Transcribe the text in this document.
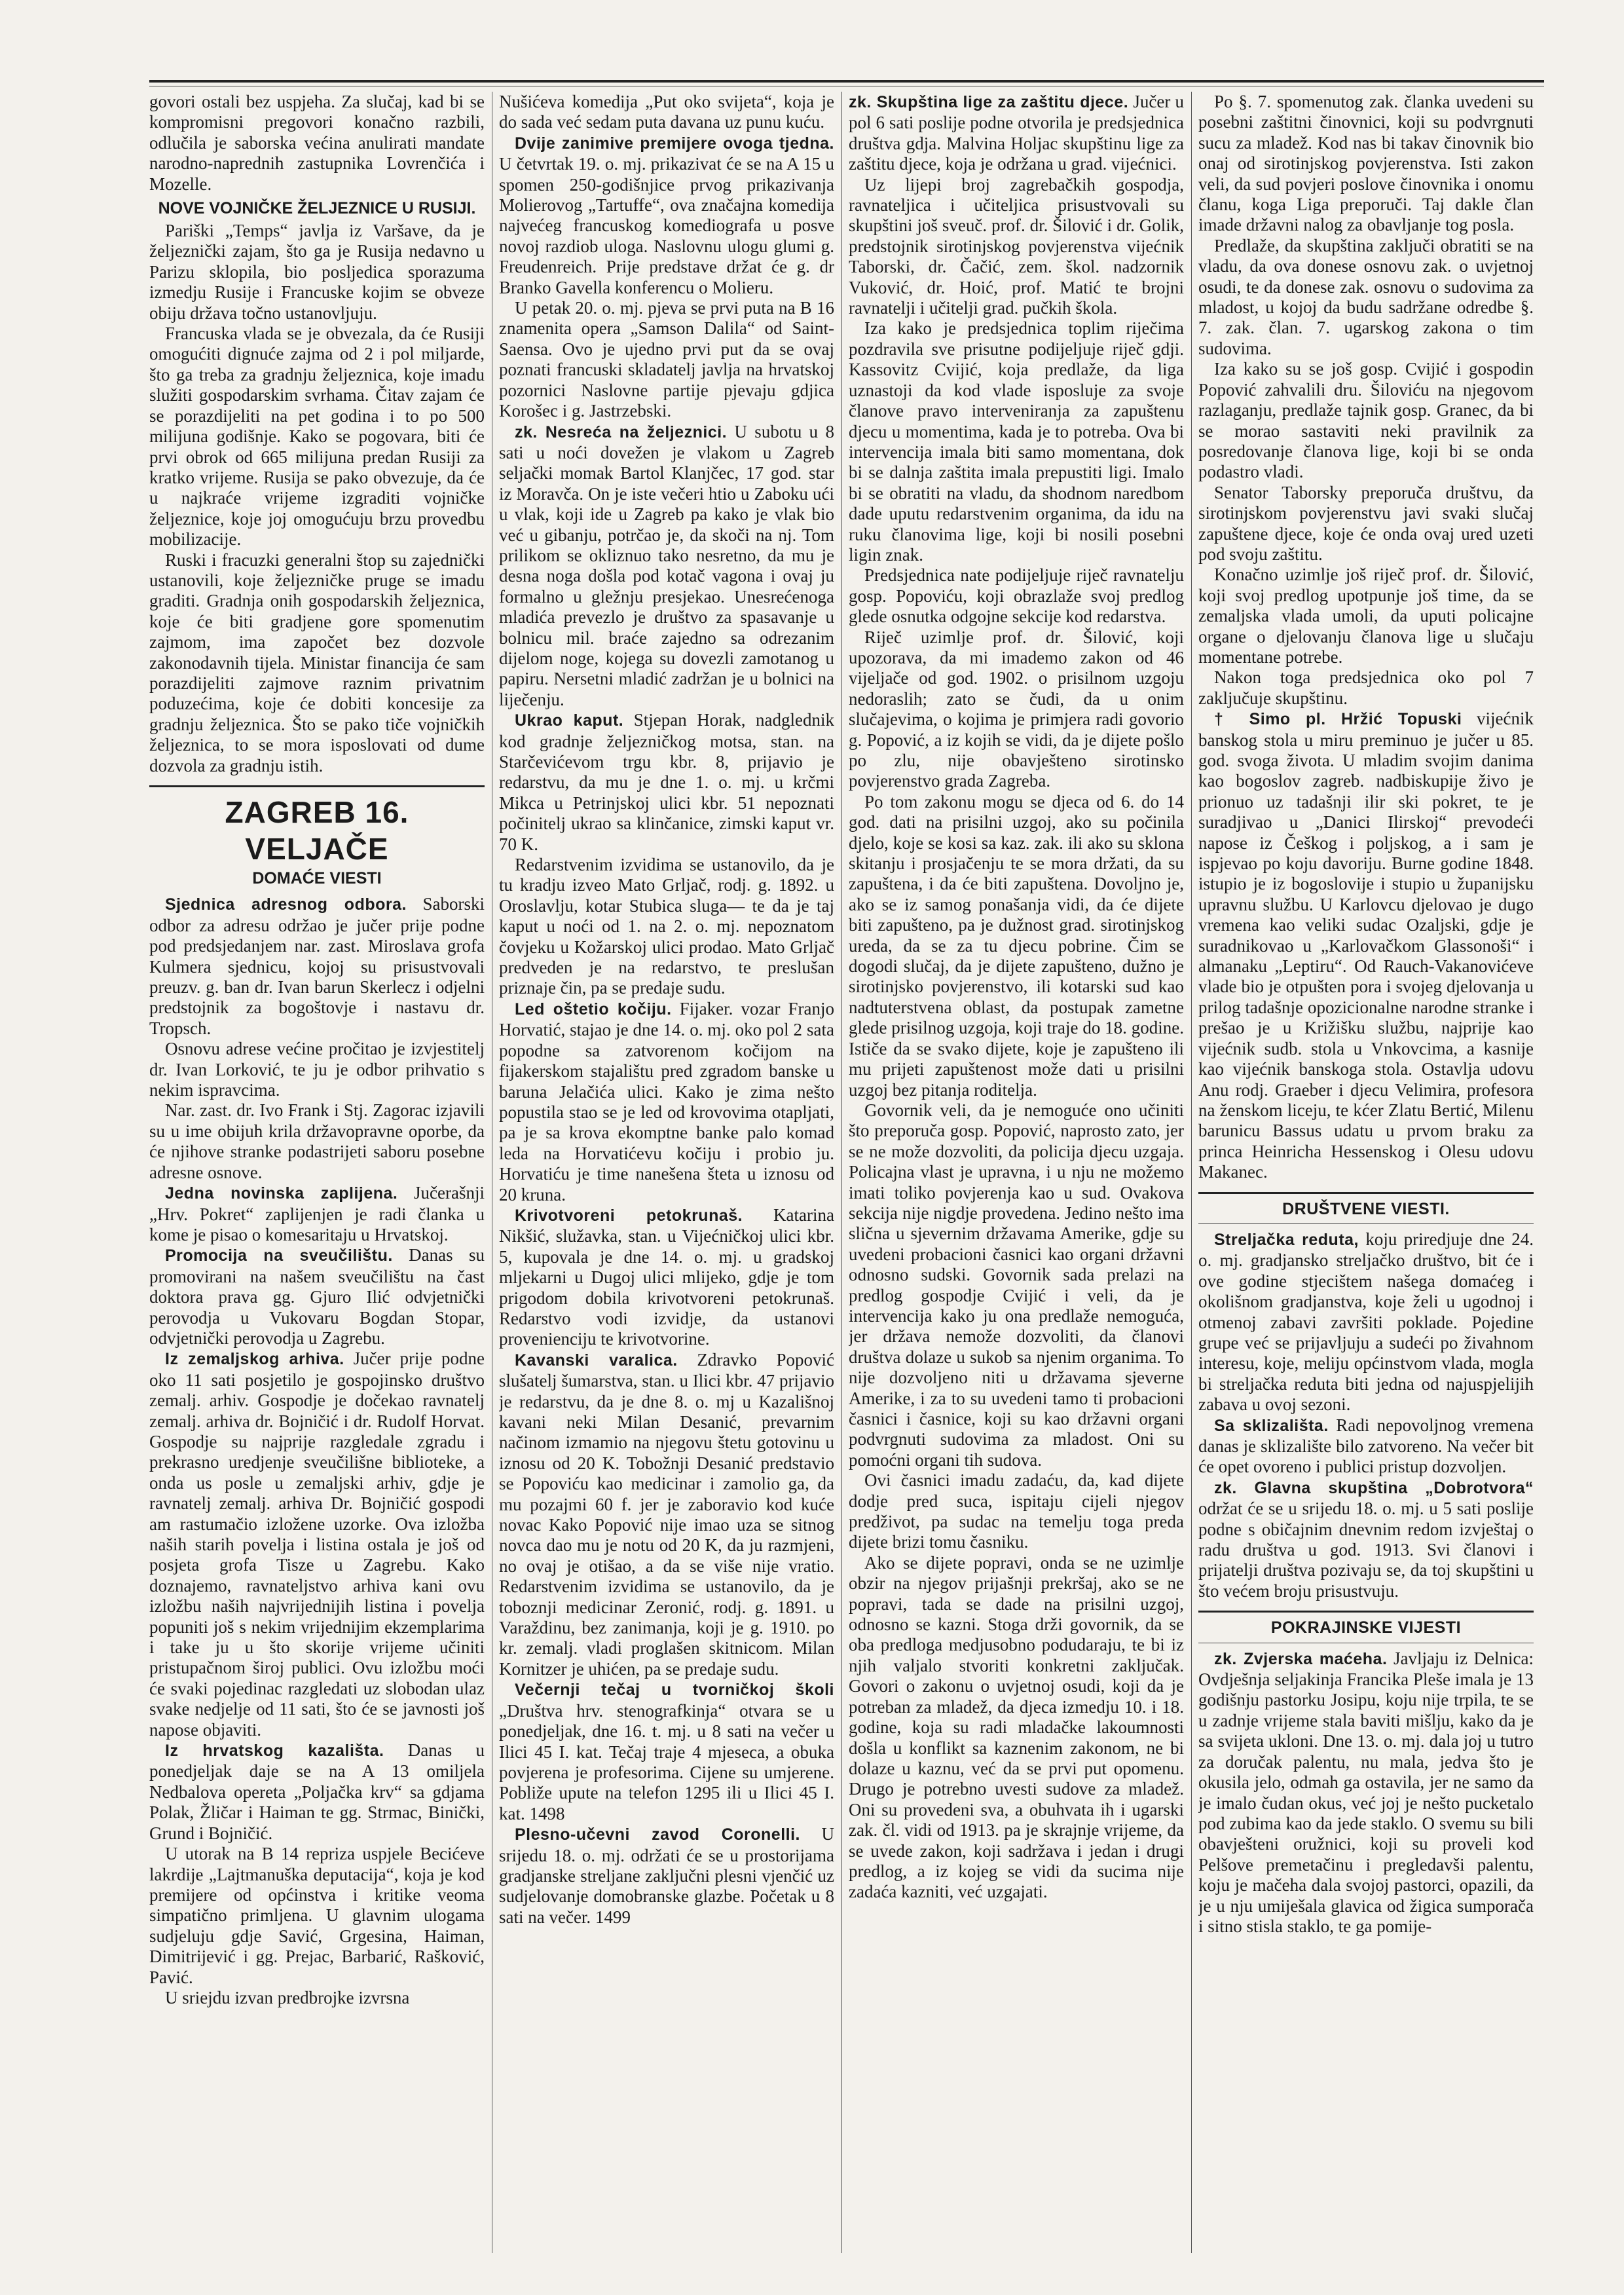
govori ostali bez uspjeha. Za slučaj, kad bi se kompromisni pregovori konačno razbili, odlučila je saborska većina anulirati mandate narodno-naprednih zastupnika Lovrenčića i Mozelle.

NOVE VOJNIČKE ŽELJEZNICE U RUSIJI.

Pariški „Temps“ javlja iz Varšave, da je željeznički zajam, što ga je Rusija nedavno u Parizu sklopila, bio posljedica sporazuma izmedju Rusije i Francuske kojim se obveze obiju država točno ustanovljuju.

Francuska vlada se je obvezala, da će Rusiji omogućiti dignuće zajma od 2 i pol miljarde, što ga treba za gradnju željeznica, koje imadu služiti gospodarskim svrhama. Čitav zajam će se porazdijeliti na pet godina i to po 500 milijuna godišnje. Kako se pogovara, biti će prvi obrok od 665 milijuna predan Rusiji za kratko vrijeme. Rusija se pako obvezuje, da će u najkraće vrijeme izgraditi vojničke željeznice, koje joj omogućuju brzu provedbu mobilizacije.

Ruski i fracuzki generalni štop su zajednički ustanovili, koje željezničke pruge se imadu graditi. Gradnja onih gospodarskih željeznica, koje će biti gradjene gore spomenutim zajmom, ima započet bez dozvole zakonodavnih tijela. Ministar financija će sam porazdijeliti zajmove raznim privatnim poduzećima, koje će dobiti koncesije za gradnju željeznica. Što se pako tiče vojničkih željeznica, to se mora isposlovati od dume dozvola za gradnju istih.

ZAGREB 16. VELJAČE
DOMAĆE VIESTI

Sjednica adresnog odbora. Saborski odbor za adresu održao je jučer prije podne pod predsjedanjem nar. zast. Miroslava grofa Kulmera sjednicu, kojoj su prisustvovali preuzv. g. ban dr. Ivan barun Skerlecz i odjelni predstojnik za bogoštovje i nastavu dr. Tropsch.

Osnovu adrese većine pročitao je izvjestitelj dr. Ivan Lorković, te ju je odbor prihvatio s nekim ispravcima.

Nar. zast. dr. Ivo Frank i Stj. Zagorac izjavili su u ime obijuh krila državopravne oporbe, da će njihove stranke podastrijeti saboru posebne adresne osnove.

Jedna novinska zaplijena. Jučerašnji „Hrv. Pokret“ zaplijenjen je radi članka u kome je pisao o komesaritaju u Hrvatskoj.

Promocija na sveučilištu. Danas su promovirani na našem sveučilištu na čast doktora prava gg. Gjuro Ilić odvjetnički perovodja u Vukovaru Bogdan Stopar, odvjetnički perovodja u Zagrebu.

Iz zemaljskog arhiva. Jučer prije podne oko 11 sati posjetilo je gospojinsko društvo zemalj. arhiv. Gospodje je dočekao ravnatelj zemalj. arhiva dr. Bojničić i dr. Rudolf Horvat. Gospodje su najprije razgledale zgradu i prekrasno uredjenje sveučilišne biblioteke, a onda us posle u zemaljski arhiv, gdje je ravnatelj zemalj. arhiva Dr. Bojničić gospodi am rastumačio izložene uzorke. Ova izložba naših starih povelja i listina ostala je još od posjeta grofa Tisze u Zagrebu. Kako doznajemo, ravnateljstvo arhiva kani ovu izložbu naših najvrijednijih listina i povelja popuniti još s nekim vrijednijim ekzemplarima i take ju u što skorije vrijeme učiniti pristupačnom široj publici. Ovu izložbu moći će svaki pojedinac razgledati uz slobodan ulaz svake nedjelje od 11 sati, što će se javnosti još napose objaviti.

Iz hrvatskog kazališta. Danas u ponedjeljak daje se na A 13 omiljela Nedbalova opereta „Poljačka krv“ sa gdjama Polak, Žličar i Haiman te gg. Strmac, Binički, Grund i Bojničić.

U utorak na B 14 repriza uspjele Becićeve lakrdije „Lajtmanuška deputacija“, koja je kod premijere od općinstva i kritike veoma simpatično primljena. U glavnim ulogama sudjeluju gdje Savić, Grgesina, Haiman, Dimitrijević i gg. Prejac, Barbarić, Rašković, Pavić.

U sriejdu izvan predbrojke izvrsna

Nušićeva komedija „Put oko svijeta“, koja je do sada već sedam puta davana uz punu kuću.

Dvije zanimive premijere ovoga tjedna. U četvrtak 19. o. mj. prikazivat će se na A 15 u spomen 250-godišnjice prvog prikazivanja Molierovog „Tartuffe“, ova značajna komedija najvećeg francuskog komediografa u posve novoj razdiob uloga. Naslovnu ulogu glumi g. Freudenreich. Prije predstave držat će g. dr Branko Gavella konferencu o Molieru.

U petak 20. o. mj. pjeva se prvi puta na B 16 znamenita opera „Samson Dalila“ od Saint-Saensa. Ovo je ujedno prvi put da se ovaj poznati francuski skladatelj javlja na hrvatskoj pozornici Naslovne partije pjevaju gdjica Korošec i g. Jastrzebski.

zk. Nesreća na željeznici. U subotu u 8 sati u noći dovežen je vlakom u Zagreb seljački momak Bartol Klanjčec, 17 god. star iz Moravča. On je iste večeri htio u Zaboku ući u vlak, koji ide u Zagreb pa kako je vlak bio već u gibanju, potrčao je, da skoči na nj. Tom prilikom se okliznuo tako nesretno, da mu je desna noga došla pod kotač vagona i ovaj ju formalno u gležnju presjekao. Unesrećenoga mladića prevezlo je društvo za spasavanje u bolnicu mil. braće zajedno sa odrezanim dijelom noge, kojega su dovezli zamotanog u papiru. Nersetni mladić zadržan je u bolnici na liječenju.

Ukrao kaput. Stjepan Horak, nadglednik kod gradnje željezničkog motsa, stan. na Starčevićevom trgu kbr. 8, prijavio je redarstvu, da mu je dne 1. o. mj. u krčmi Mikca u Petrinjskoj ulici kbr. 51 nepoznati počinitelj ukrao sa klinčanice, zimski kaput vr. 70 K.

Redarstvenim izvidima se ustanovilo, da je tu kradju izveo Mato Grljač, rodj. g. 1892. u Oroslavlju, kotar Stubica sluga— te da je taj kaput u noći od 1. na 2. o. mj. nepoznatom čovjeku u Kožarskoj ulici prodao. Mato Grljač predveden je na redarstvo, te preslušan priznaje čin, pa se predaje sudu.

Led oštetio kočiju. Fijaker. vozar Franjo Horvatić, stajao je dne 14. o. mj. oko pol 2 sata popodne sa zatvorenom kočijom na fijakerskom stajalištu pred zgradom banske u baruna Jelačića ulici. Kako je zima nešto popustila stao se je led od krovovima otapljati, pa je sa krova ekomptne banke palo komad leda na Horvatićevu kočiju i probio ju. Horvatiću je time nanešena šteta u iznosu od 20 kruna.

Krivotvoreni petokrunaš. Katarina Nikšić, služavka, stan. u Vijećničkoj ulici kbr. 5, kupovala je dne 14. o. mj. u gradskoj mljekarni u Dugoj ulici mlijeko, gdje je tom prigodom dobila krivotvoreni petokrunaš. Redarstvo vodi izvidje, da ustanovi provenienciju te krivotvorine.

Kavanski varalica. Zdravko Popović slušatelj šumarstva, stan. u Ilici kbr. 47 prijavio je redarstvu, da je dne 8. o. mj u Kazališnoj kavani neki Milan Desanić, prevarnim načinom izmamio na njegovu štetu gotovinu u iznosu od 20 K. Tobožnji Desanić predstavio se Popoviću kao medicinar i zamolio ga, da mu pozajmi 60 f. jer je zaboravio kod kuće novac Kako Popović nije imao uza se sitnog novca dao mu je notu od 20 K, da ju razmjeni, no ovaj je otišao, a da se više nije vratio. Redarstvenim izvidima se ustanovilo, da je toboznji medicinar Zeronić, rodj. g. 1891. u Varaždinu, bez zanimanja, koji je g. 1910. po kr. zemalj. vladi proglašen skitnicom. Milan Kornitzer je uhićen, pa se predaje sudu.

Večernji tečaj u tvorničkoj školi „Društva hrv. stenografkinja“ otvara se u ponedjeljak, dne 16. t. mj. u 8 sati na večer u Ilici 45 I. kat. Tečaj traje 4 mjeseca, a obuka povjerena je profesorima. Cijene su umjerene. Pobliže upute na telefon 1295 ili u Ilici 45 I. kat. 1498

Plesno-učevni zavod Coronelli. U srijedu 18. o. mj. održati će se u prostorijama gradjanske streljane zaključni plesni vjenčić uz sudjelovanje domobranske glazbe. Početak u 8 sati na večer. 1499

zk. Skupština lige za zaštitu djece. Jučer u pol 6 sati poslije podne otvorila je predsjednica društva gdja. Malvina Holjac skupštinu lige za zaštitu djece, koja je održana u grad. vijećnici.

Uz lijepi broj zagrebačkih gospodja, ravnateljica i učiteljica prisustvovali su skupštini još sveuč. prof. dr. Šilović i dr. Golik, predstojnik sirotinjskog povjerenstva vijećnik Taborski, dr. Čačić, zem. škol. nadzornik Vuković, dr. Hoić, prof. Matić te brojni ravnatelji i učitelji grad. pučkih škola.

Iza kako je predsjednica toplim riječima pozdravila sve prisutne podijeljuje riječ gdji. Kassovitz Cvijić, koja predlaže, da liga uznastoji da kod vlade isposluje za svoje članove pravo interveniranja za zapuštenu djecu u momentima, kada je to potreba. Ova bi intervencija imala biti samo momentana, dok bi se dalnja zaštita imala prepustiti ligi. Imalo bi se obratiti na vladu, da shodnom naredbom dade uputu redarstvenim organima, da idu na ruku članovima lige, koji bi nosili posebni ligin znak.

Predsjednica nate podijeljuje riječ ravnatelju gosp. Popoviću, koji obrazlaže svoj predlog glede osnutka odgojne sekcije kod redarstva.

Riječ uzimlje prof. dr. Šilović, koji upozorava, da mi imademo zakon od 46 vijeljače od god. 1902. o prisilnom uzgoju nedoraslih; zato se čudi, da u onim slučajevima, o kojima je primjera radi govorio g. Popović, a iz kojih se vidi, da je dijete pošlo po zlu, nije obavješteno sirotinsko povjerenstvo grada Zagreba.

Po tom zakonu mogu se djeca od 6. do 14 god. dati na prisilni uzgoj, ako su počinila djelo, koje se kosi sa kaz. zak. ili ako su sklona skitanju i prosjačenju te se mora držati, da su zapuštena, i da će biti zapuštena. Dovoljno je, ako se iz samog ponašanja vidi, da će dijete biti zapušteno, pa je dužnost grad. sirotinjskog ureda, da se za tu djecu pobrine. Čim se dogodi slučaj, da je dijete zapušteno, dužno je sirotinjsko povjerenstvo, ili kotarski sud kao nadtuterstvena oblast, da postupak zametne glede prisilnog uzgoja, koji traje do 18. godine. Ističe da se svako dijete, koje je zapušteno ili mu prijeti zapuštenost može dati u prisilni uzgoj bez pitanja roditelja.

Govornik veli, da je nemoguće ono učiniti što preporuča gosp. Popović, naprosto zato, jer se ne može dozvoliti, da policija djecu uzgaja. Policajna vlast je upravna, i u nju ne možemo imati toliko povjerenja kao u sud. Ovakova sekcija nije nigdje provedena. Jedino nešto ima slična u sjevernim državama Amerike, gdje su uvedeni probacioni časnici kao organi državni odnosno sudski. Govornik sada prelazi na predlog gospodje Cvijić i veli, da je intervencija kako ju ona predlaže nemoguća, jer država nemože dozvoliti, da članovi društva dolaze u sukob sa njenim organima. To nije dozvoljeno niti u državama sjeverne Amerike, i za to su uvedeni tamo ti probacioni časnici i časnice, koji su kao državni organi podvrgnuti sudovima za mladost. Oni su pomoćni organi tih sudova.

Ovi časnici imadu zadaću, da, kad dijete dodje pred suca, ispitaju cijeli njegov predživot, pa sudac na temelju toga preda dijete brizi tomu časniku.

Ako se dijete popravi, onda se ne uzimlje obzir na njegov prijašnji prekršaj, ako se ne popravi, tada se dade na prisilni uzgoj, odnosno se kazni. Stoga drži govornik, da se oba predloga medjusobno podudaraju, te bi iz njih valjalo stvoriti konkretni zaključak. Govori o zakonu o uvjetnoj osudi, koji da je potreban za mladež, da djeca izmedju 10. i 18. godine, koja su radi mladačke lakoumnosti došla u konflikt sa kaznenim zakonom, ne bi dolaze u kaznu, već da se prvi put opomenu. Drugo je potrebno uvesti sudove za mladež. Oni su provedeni sva, a obuhvata ih i ugarski zak. čl. vidi od 1913. pa je skrajnje vrijeme, da se uvede zakon, koji sadržava i jedan i drugi predlog, a iz kojeg se vidi da sucima nije zadaća kazniti, već uzgajati.

Po §. 7. spomenutog zak. članka uvedeni su posebni zaštitni činovnici, koji su podvrgnuti sucu za mladež. Kod nas bi takav činovnik bio onaj od sirotinjskog povjerenstva. Isti zakon veli, da sud povjeri poslove činovnika i onomu članu, koga Liga preporuči. Taj dakle član imade državni nalog za obavljanje tog posla.

Predlaže, da skupština zaključi obratiti se na vladu, da ova donese osnovu zak. o uvjetnoj osudi, te da donese zak. osnovu o sudovima za mladost, u kojoj da budu sadržane odredbe §. 7. zak. član. 7. ugarskog zakona o tim sudovima.

Iza kako su se još gosp. Cvijić i gospodin Popović zahvalili dru. Šiloviću na njegovom razlaganju, predlaže tajnik gosp. Granec, da bi se morao sastaviti neki pravilnik za posredovanje članova lige, koji bi se onda podastro vladi.

Senator Taborsky preporuča društvu, da sirotinjskom povjerenstvu javi svaki slučaj zapuštene djece, koje će onda ovaj ured uzeti pod svoju zaštitu.

Konačno uzimlje još riječ prof. dr. Šilović, koji svoj predlog upotpunje još time, da se zemaljska vlada umoli, da uputi policajne organe o djelovanju članova lige u slučaju momentane potrebe.

Nakon toga predsjednica oko pol 7 zaključuje skupštinu.

† Simo pl. Hržić Topuski vijećnik banskog stola u miru preminuo je jučer u 85. god. svoga života. U mladim svojim danima kao bogoslov zagreb. nadbiskupije živo je prionuo uz tadašnji ilir ski pokret, te je suradjivao u „Danici Ilirskoj“ prevodeći napose iz Češkog i poljskog, a i sam je ispjevao po koju davoriju. Burne godine 1848. istupio je iz bogoslovije i stupio u županijsku upravnu službu. U Karlovcu djelovao je dugo vremena kao veliki sudac Ozaljski, gdje je suradnikovao u „Karlovačkom Glassonoši“ i almanaku „Leptiru“. Od Rauch-Vakanovićeve vlade bio je otpušten pora i svojeg djelovanja u prilog tadašnje opozicionalne narodne stranke i prešao je u Križišku službu, najprije kao vijećnik sudb. stola u Vnkovcima, a kasnije kao vijećnik banskoga stola. Ostavlja udovu Anu rodj. Graeber i djecu Velimira, profesora na ženskom liceju, te kćer Zlatu Bertić, Milenu barunicu Bassus udatu u prvom braku za princa Heinricha Hessenskog i Olesu udovu Makanec.

DRUŠTVENE VIESTI.

Streljačka reduta, koju priredjuje dne 24. o. mj. gradjansko streljačko društvo, bit će i ove godine stjecištem našega domaćeg i okolišnom gradjanstva, koje želi u ugodnoj i otmenoj zabavi završiti poklade. Pojedine grupe već se prijavljuju a sudeći po živahnom interesu, koje, meliju općinstvom vlada, mogla bi streljačka reduta biti jedna od najuspjelijih zabava u ovoj sezoni.

Sa sklizališta. Radi nepovoljnog vremena danas je sklizalište bilo zatvoreno. Na večer bit će opet ovoreno i publici pristup dozvoljen.

zk. Glavna skupština „Dobrotvora“ održat će se u srijedu 18. o. mj. u 5 sati poslije podne s običajnim dnevnim redom izvještaj o radu društva u god. 1913. Svi članovi i prijatelji društva pozivaju se, da toj skupštini u što većem broju prisustvuju.

POKRAJINSKE VIJESTI

zk. Zvjerska maćeha. Javljaju iz Delnica: Ovdješnja seljakinja Francika Pleše imala je 13 godišnju pastorku Josipu, koju nije trpila, te se u zadnje vrijeme stala baviti mišlju, kako da je sa svijeta ukloni. Dne 13. o. mj. dala joj u tutro za doručak palentu, nu mala, jedva što je okusila jelo, odmah ga ostavila, jer ne samo da je imalo čudan okus, već joj je nešto pucketalo pod zubima kao da jede staklo. O svemu su bili obavješteni oružnici, koji su proveli kod Pelšove premetačinu i pregledavši palentu, koju je mačeha dala svojoj pastorci, opazili, da je u nju umiješala glavica od žigica sumporača i sitno stisla staklo, te ga pomije-
